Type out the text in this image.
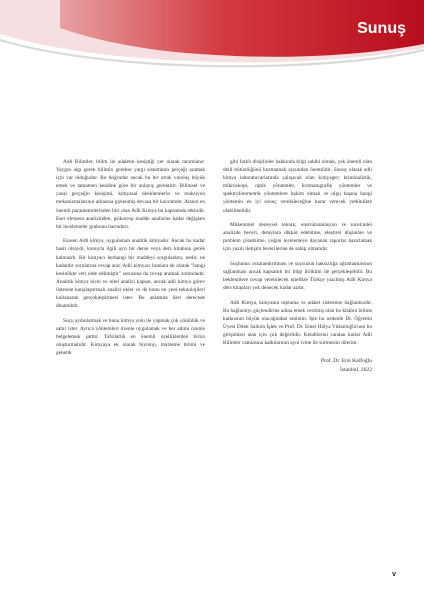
Sunuş

Adli Bilimler, bilim ile adaletin kesiştiği yer olarak tanımlanır. Yaygın algı gerek bilimin gerekse yargı sisteminin gerçeği aramak için var olduğudur. Bu doğrudur ancak bu bir ortak varoluş büyük emek ve tamamen kendine göre bir anlayış gerektirir. Bilimsel ve yasal gerçeğin kesişimi, kimyasal denklemlerin ve reaksiyon mekanizmalarının arkasına gizlenmiş devasa bir kavramdır. Alanın en önemli parametrelerinden biri olan Adli Kimya bu kapsamda etkindir. Eser element analizinden, psikotrop madde analizine kadar değişken bir incelemeler grubunu barındırır.

Esasen Adli kimya, uygulamalı analitik kimyadır. Ancak bu kadar basit olsaydı, konuyla ilgili ayrı bir derse veya ders kitabına gerek kalmazdı. Bir kimyacı herhangi bir maddeyi sorgularken, nedir, ne kadardır sorularına cevap arar. Adli kimyacı bunlara ek olarak "hangi kesinlikte veri elde edilmiştir" sorusuna da cevap aramak zorundadır. Analitik kimya nicel ve nitel analizi kapsar, ancak adli kimya görev listesine karşılaştırmalı analizi ekler ve de bunu en yeni teknolojileri kullanarak gerçekleştirmesi ister. Bu anlamda ileri derecede dinamiktir.

Suçu aydınlatmak ve bunu kimya yolu ile yapmak çok yönlülük ve sabır ister. Ayrıca yöntemleri özenle uygulamak ve her adımı özenle belgelemek şarttır. Tafsilatlık en önemli özelliklerden birini oluşturmalıdır. Kimyaya ek olarak biyoloji, malzeme bilimi ve genetik

gibi farklı disiplinler hakkında bilgi sahibi olmak, çok önemli olan delil bütünlüğünü bozmamak açısından önemlidir. Sonuç olarak adli kimya laboratuvarlarında çalışacak olan kimyager; kriminalistik, mikroskopi, optik yöntemler, kromatografik yöntemler ve spektrofotometrik yöntemlere hakim olmalı ve olgu başına hangi yöntemin en iyi sonuç verebileceğine karar verecek yetkinlikte olabilmelidir.

Mükemmel deneysel teknik; enstrümantasyon ve nicel/nitel analizde beceri, detaylara dikkat edebilme, eleştirel düşünme ve problem çözebilme, yoğun incelemeye dayanan raporlar hazırlamak için yazılı iletişim becerilerine de sahip olmalıdır.

Suçlunun cezalandırılması ve suçsuzun haksızlığa uğramamasının sağlanması ancak kapsamlı bir bilgi birikimi ile gerçekleşebilir. Bu beklentilere cevap verebilecek nitelikte Türkçe yazılmış Adli Kimya ders kitapları yok denecek kadar azdır.

Adli Kimya, kimyanın topluma ve adalet sistemine bağlantısıdır. Bu bağlantıyı güçlendirme adına emek verilmiş olan bu kitabın bilime katkısının büyük olacağından eminim. İşte bu nedenle Dr. Öğretim Üyesi Dilek Salkım İşlek ve Prof. Dr. Emel Hülya Yükseloğlu'nun bu girişimleri alan için çok değerlidir. Kendilerini candan kutlar Adli Bilimler camiasına katkılarının aynı ivme ile sürmesini dilerim.

Prof. Dr. Ersi Kalfoğlu
İstanbul, 2022
v
